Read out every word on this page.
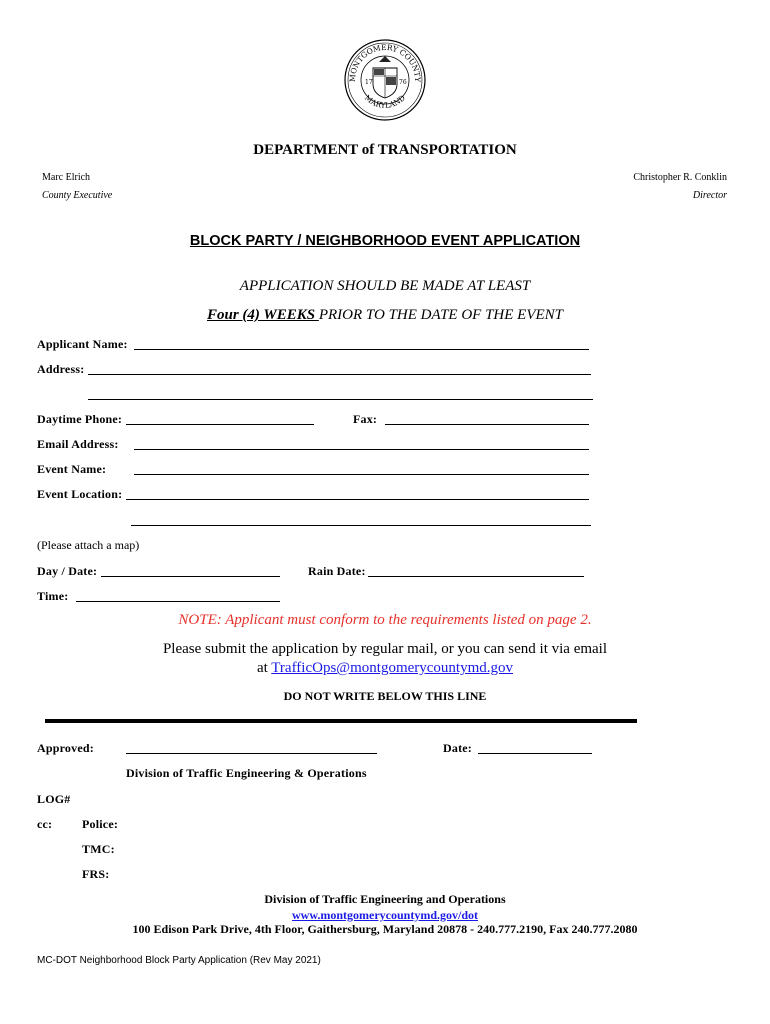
MONTGOMERY COUNTY
MARYLAND
17	76
DEPARTMENT of TRANSPORTATION
Marc Elrich
County Executive
Christopher R. Conklin
Director
BLOCK PARTY / NEIGHBORHOOD EVENT APPLICATION
APPLICATION SHOULD BE MADE AT LEAST
Four (4) WEEKS PRIOR TO THE DATE OF THE EVENT
Applicant Name:
Address:
Daytime Phone:	Fax:
Email Address:
Event Name:
Event Location:
(Please attach a map)
Day / Date:	Rain Date:
Time:
NOTE: Applicant must conform to the requirements listed on page 2.
Please submit the application by regular mail, or you can send it via email
at TrafficOps@montgomerycountymd.gov
DO NOT WRITE BELOW THIS LINE
Approved:	Date:
Division of Traffic Engineering & Operations
LOG#
cc: Police:
TMC:
FRS:
Division of Traffic Engineering and Operations
www.montgomerycountymd.gov/dot
100 Edison Park Drive, 4th Floor, Gaithersburg, Maryland 20878 - 240.777.2190, Fax 240.777.2080
MC-DOT Neighborhood Block Party Application (Rev May 2021)
